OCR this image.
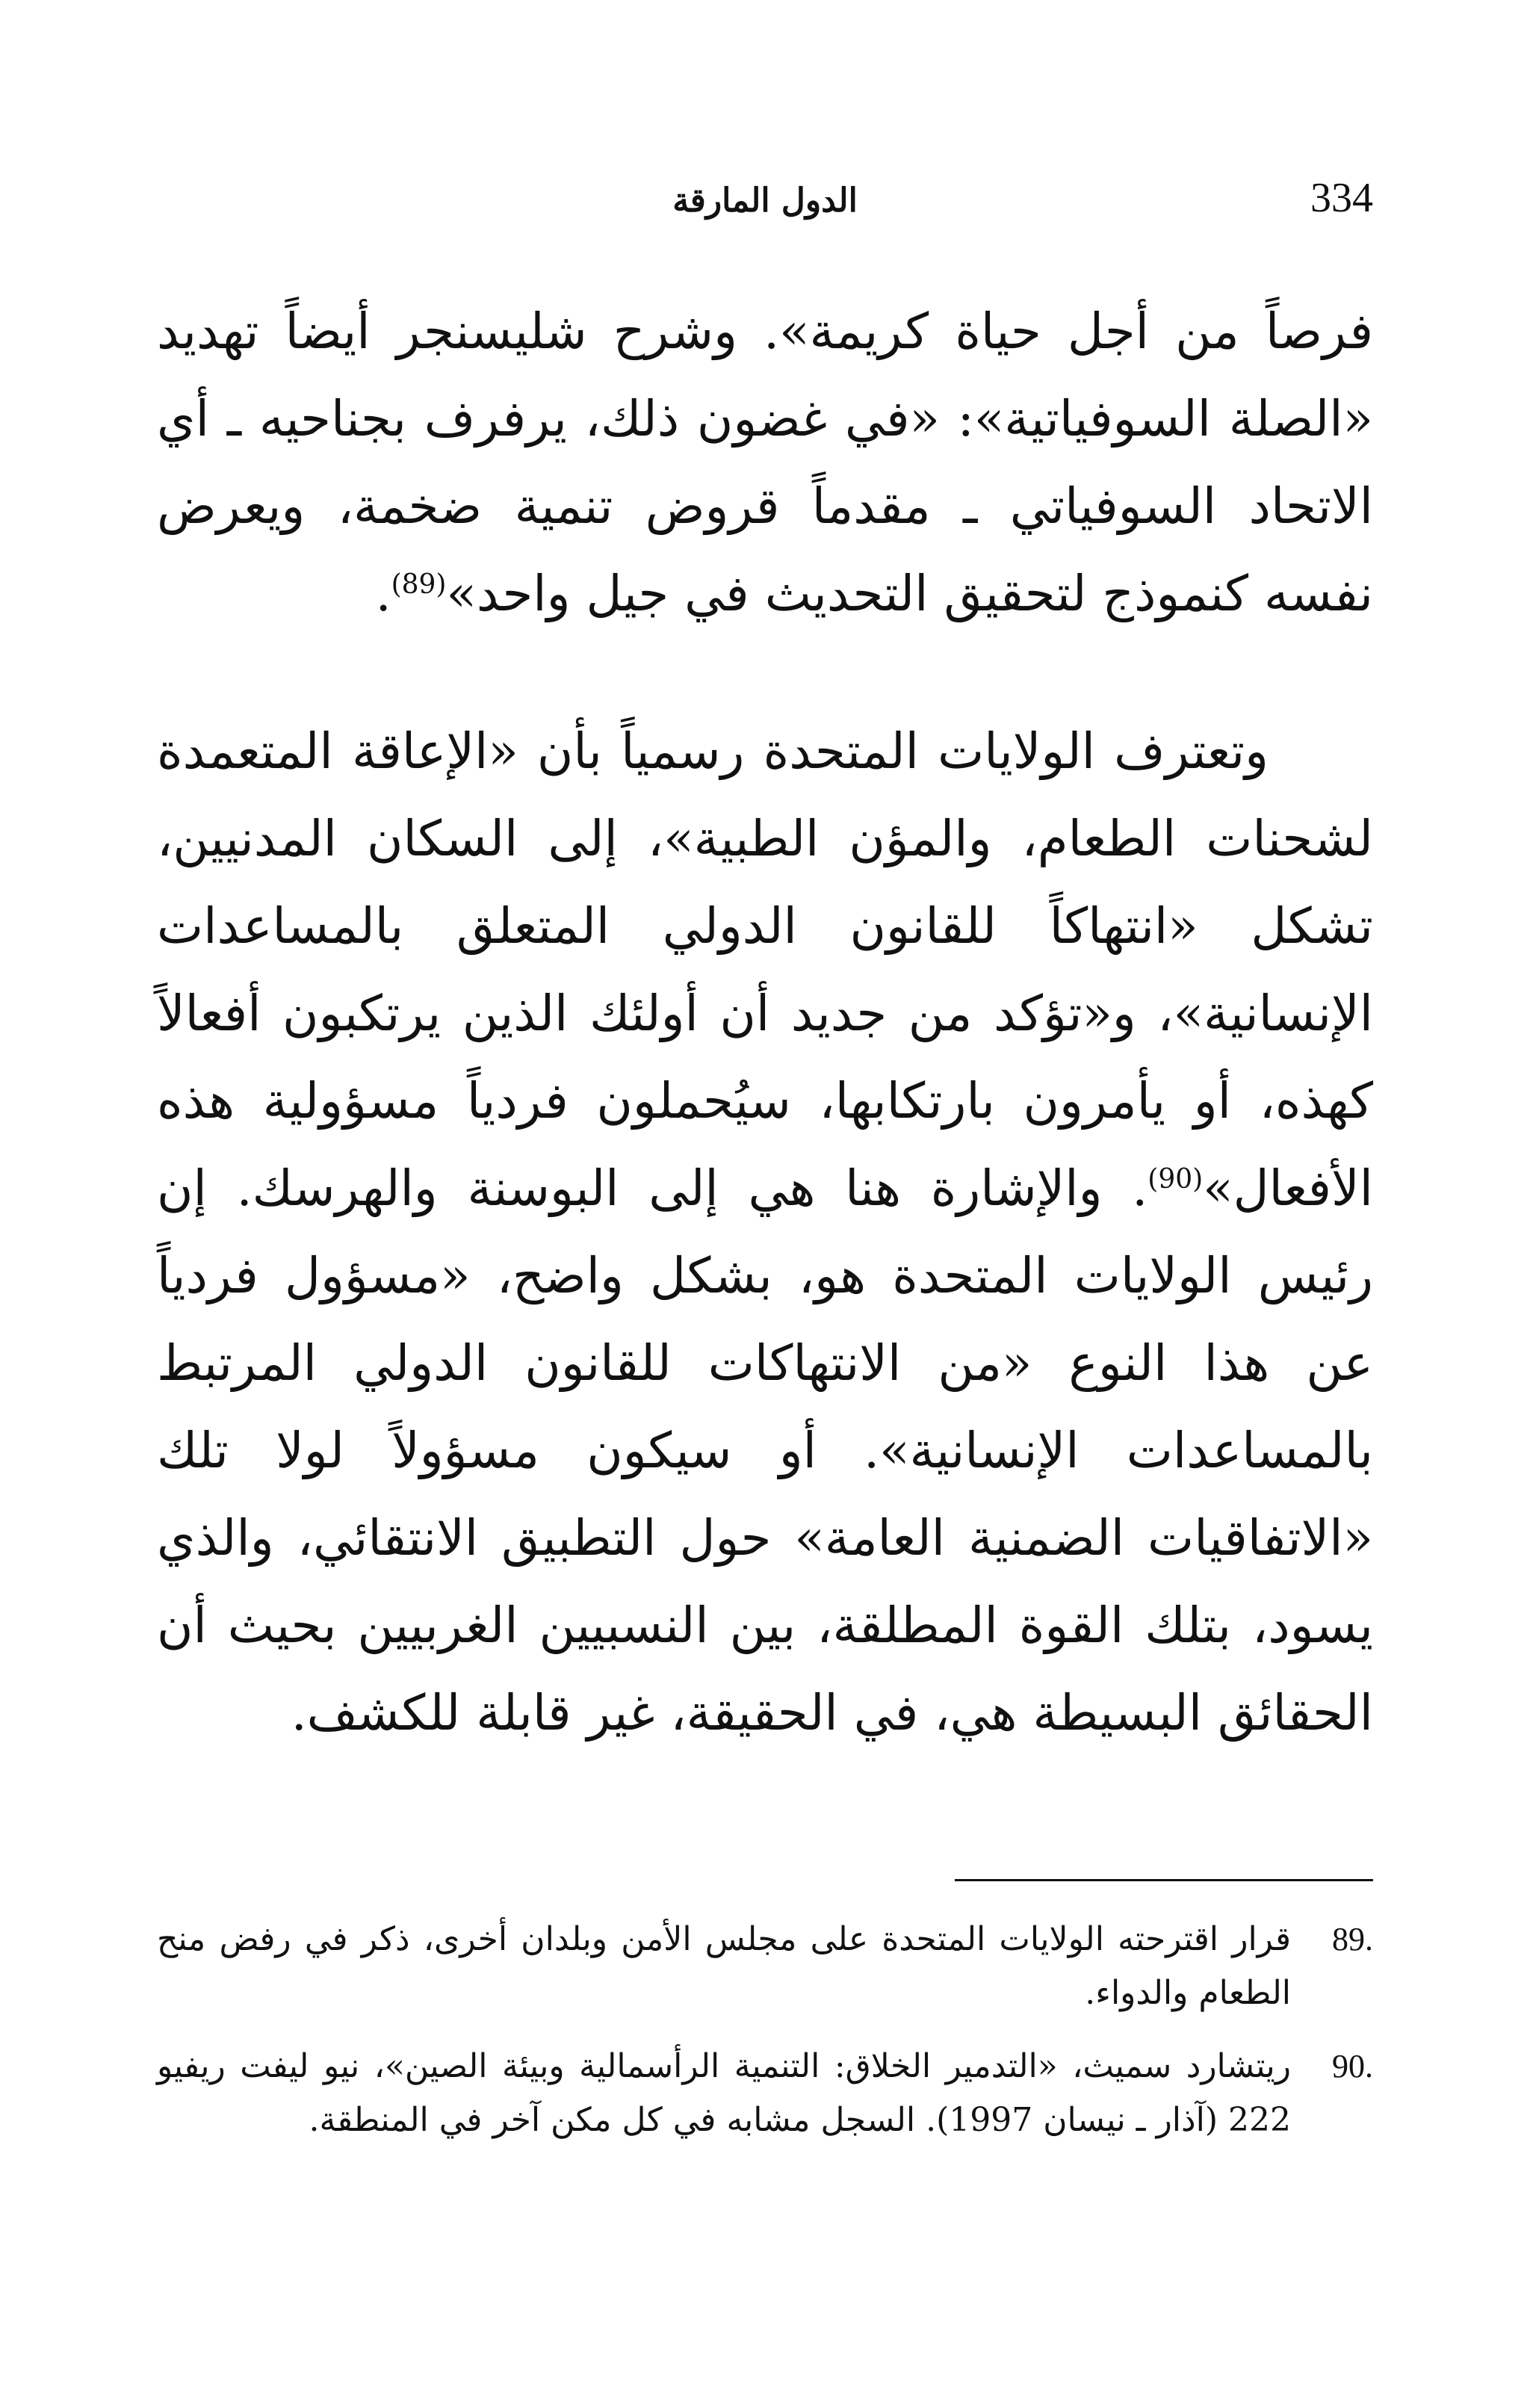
334
الدول المارقة

فرصاً من أجل حياة كريمة». وشرح شليسنجر أيضاً تهديد «الصلة السوفياتية»: «في غضون ذلك، يرفرف بجناحيه ـ أي الاتحاد السوفياتي ـ مقدماً قروض تنمية ضخمة، ويعرض نفسه كنموذج لتحقيق التحديث في جيل واحد»$^{(89)}$.

وتعترف الولايات المتحدة رسمياً بأن «الإعاقة المتعمدة لشحنات الطعام، والمؤن الطبية»، إلى السكان المدنيين، تشكل «انتهاكاً للقانون الدولي المتعلق بالمساعدات الإنسانية»، و«تؤكد من جديد أن أولئك الذين يرتكبون أفعالاً كهذه، أو يأمرون بارتكابها، سيُحملون فردياً مسؤولية هذه الأفعال»$^{(90)}$. والإشارة هنا هي إلى البوسنة والهرسك. إن رئيس الولايات المتحدة هو، بشكل واضح، «مسؤول فردياً عن هذا النوع «من الانتهاكات للقانون الدولي المرتبط بالمساعدات الإنسانية». أو سيكون مسؤولاً لولا تلك «الاتفاقيات الضمنية العامة» حول التطبيق الانتقائي، والذي يسود، بتلك القوة المطلقة، بين النسبيين الغربيين بحيث أن الحقائق البسيطة هي، في الحقيقة، غير قابلة للكشف.

89.
قرار اقترحته الولايات المتحدة على مجلس الأمن وبلدان أخرى، ذكر في رفض منح الطعام والدواء.
90.
ريتشارد سميث، «التدمير الخلاق: التنمية الرأسمالية وبيئة الصين»، نيو ليفت ريفيو 222 (آذار ـ نيسان 1997). السجل مشابه في كل مكن آخر في المنطقة.
